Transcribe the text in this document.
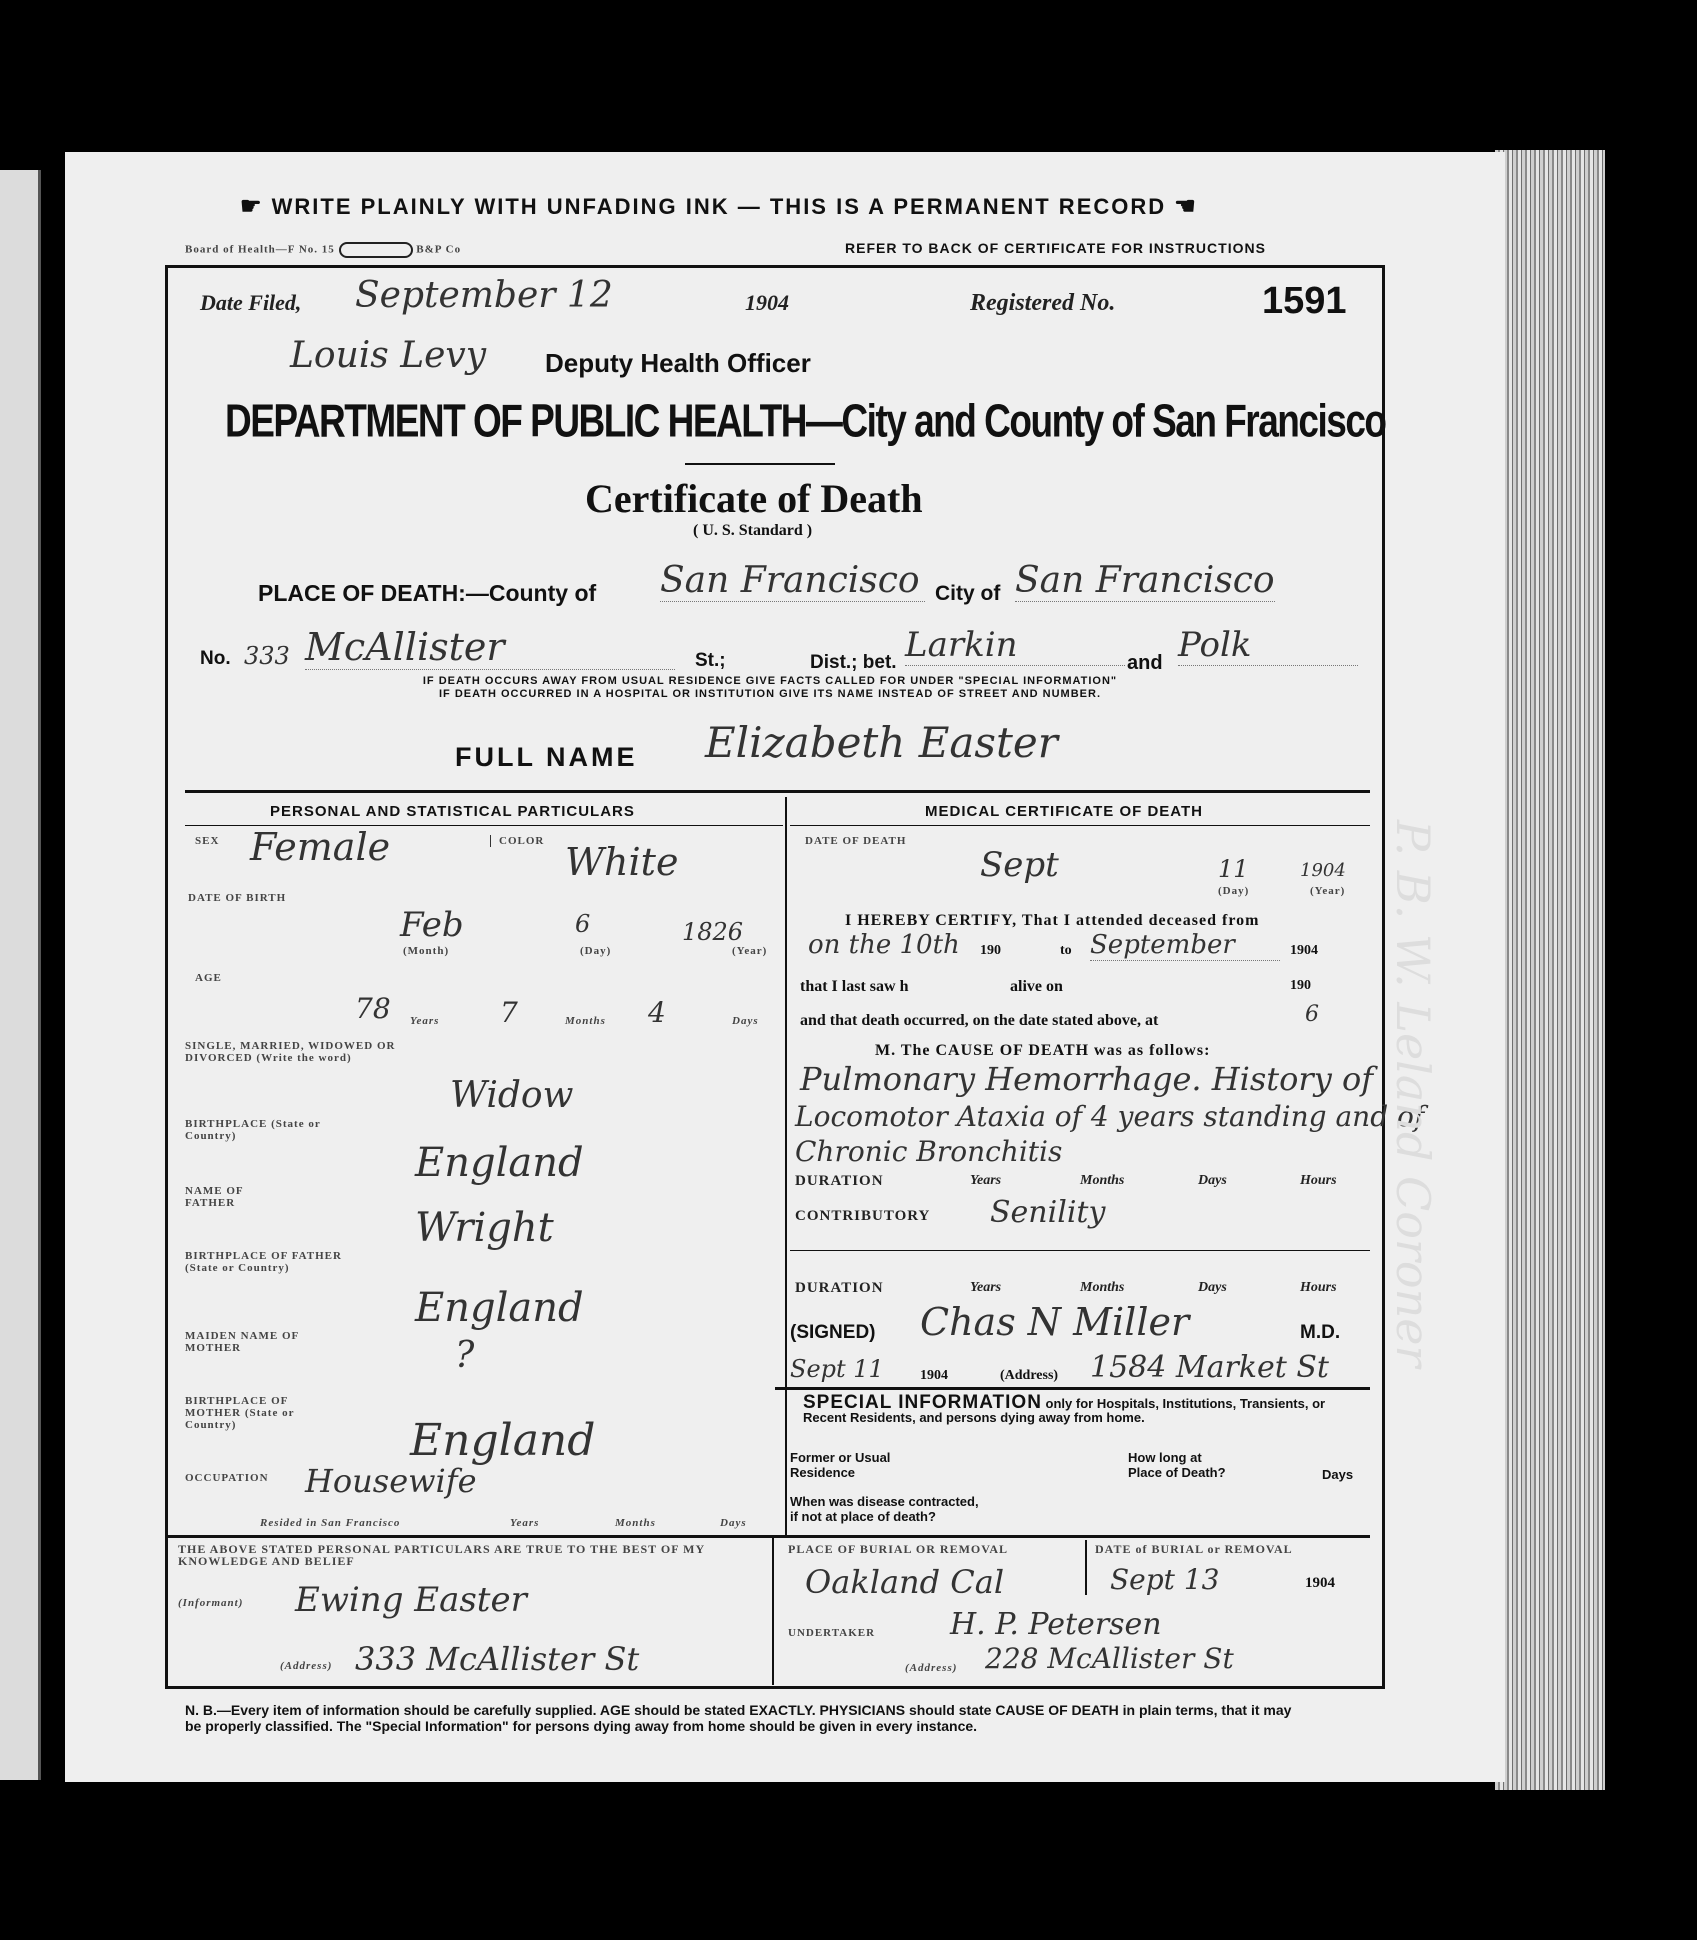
☛ WRITE PLAINLY WITH UNFADING INK — THIS IS A PERMANENT RECORD ☚
Board of Health—F No. 15	B&P Co	REFER TO BACK OF CERTIFICATE FOR INSTRUCTIONS
Date Filed, September 12	1904	Registered No.	1591
Louis Levy Deputy Health Officer
DEPARTMENT OF PUBLIC HEALTH—City and County of San Francisco
Certificate of Death
( U. S. Standard )
PLACE OF DEATH:—County of San Francisco City of San Francisco
No. 333 McAllister	St.;	Dist.; bet. Larkin	and Polk
IF DEATH OCCURS AWAY FROM USUAL RESIDENCE GIVE FACTS CALLED FOR UNDER "SPECIAL INFORMATION"
IF DEATH OCCURRED IN A HOSPITAL OR INSTITUTION GIVE ITS NAME INSTEAD OF STREET AND NUMBER.
FULL NAME Elizabeth Easter
PERSONAL AND STATISTICAL PARTICULARS
SEX Female	COLOR White
DATE OF BIRTH
Feb	6	1826
(Month)	(Day)	(Year)
AGE
78 Years 7	Months 4	Days
SINGLE, MARRIED, WIDOWED OR DIVORCED (Write the word)
Widow
BIRTHPLACE (State or Country)
England
NAME OF FATHER
Wright
BIRTHPLACE OF FATHER (State or Country)
England
MAIDEN NAME OF MOTHER	?
BIRTHPLACE OF MOTHER (State or Country)	England
OCCUPATION Housewife
Resided in San Francisco	Years	Months	Days
THE ABOVE STATED PERSONAL PARTICULARS ARE TRUE TO THE BEST OF MY KNOWLEDGE AND BELIEF
(Informant) Ewing Easter
(Address) 333 McAllister St
MEDICAL CERTIFICATE OF DEATH
DATE OF DEATH
Sept	11	1904
(Day)	(Year)
I HEREBY CERTIFY, That I attended deceased from
on the 10th 190	to September	1904
that I last saw h	alive on	190
and that death occurred, on the date stated above, at	6
M. The CAUSE OF DEATH was as follows:
Pulmonary Hemorrhage. History of
Locomotor Ataxia of 4 years standing and of
Chronic Bronchitis
DURATION	Years	Months	Days	Hours
CONTRIBUTORY Senility
DURATION	Years	Months	Days	Hours
(SIGNED) Chas N Miller	M.D.
Sept 11	1904	(Address) 1584 Market St
SPECIAL INFORMATION only for Hospitals, Institutions, Transients, or Recent Residents, and persons dying away from home.
Former or Usual Residence
How long at Place of Death?	Days
When was disease contracted, if not at place of death?
PLACE OF BURIAL OR REMOVAL	DATE of BURIAL or REMOVAL
Oakland Cal	Sept 13	1904
UNDERTAKER H. P. Petersen
(Address) 228 McAllister St
N. B.—Every item of information should be carefully supplied. AGE should be stated EXACTLY. PHYSICIANS should state CAUSE OF DEATH in plain terms, that it may be properly classified. The "Special Information" for persons dying away from home should be given in every instance.
P. B. W. Leland Coroner
